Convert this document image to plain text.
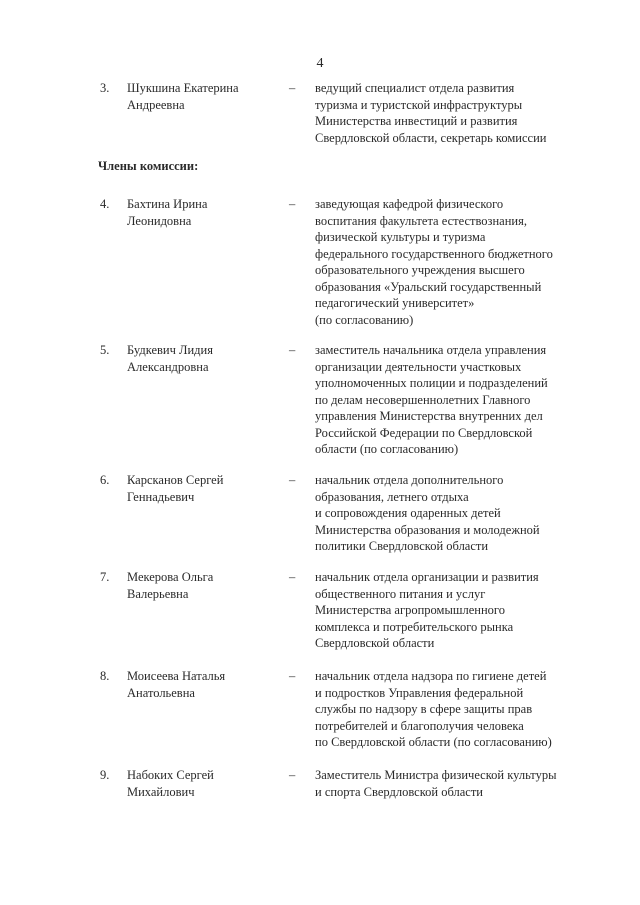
4
3. Шукшина Екатерина
Андреевна
– ведущий специалист отдела развития
туризма и туристской инфраструктуры
Министерства инвестиций и развития
Свердловской области, секретарь комиссии
Члены комиссии:
4. Бахтина Ирина
Леонидовна
– заведующая кафедрой физического
воспитания факультета естествознания,
физической культуры и туризма
федерального государственного бюджетного
образовательного учреждения высшего
образования «Уральский государственный
педагогический университет»
(по согласованию)
5. Будкевич Лидия
Александровна
– заместитель начальника отдела управления
организации деятельности участковых
уполномоченных полиции и подразделений
по делам несовершеннолетних Главного
управления Министерства внутренних дел
Российской Федерации по Свердловской
области (по согласованию)
6. Карсканов Сергей
Геннадьевич
– начальник отдела дополнительного
образования, летнего отдыха
и сопровождения одаренных детей
Министерства образования и молодежной
политики Свердловской области
7. Мекерова Ольга
Валерьевна
– начальник отдела организации и развития
общественного питания и услуг
Министерства агропромышленного
комплекса и потребительского рынка
Свердловской области
8. Моисеева Наталья
Анатольевна
– начальник отдела надзора по гигиене детей
и подростков Управления федеральной
службы по надзору в сфере защиты прав
потребителей и благополучия человека
по Свердловской области (по согласованию)
9. Набоких Сергей
Михайлович
– Заместитель Министра физической культуры
и спорта Свердловской области
